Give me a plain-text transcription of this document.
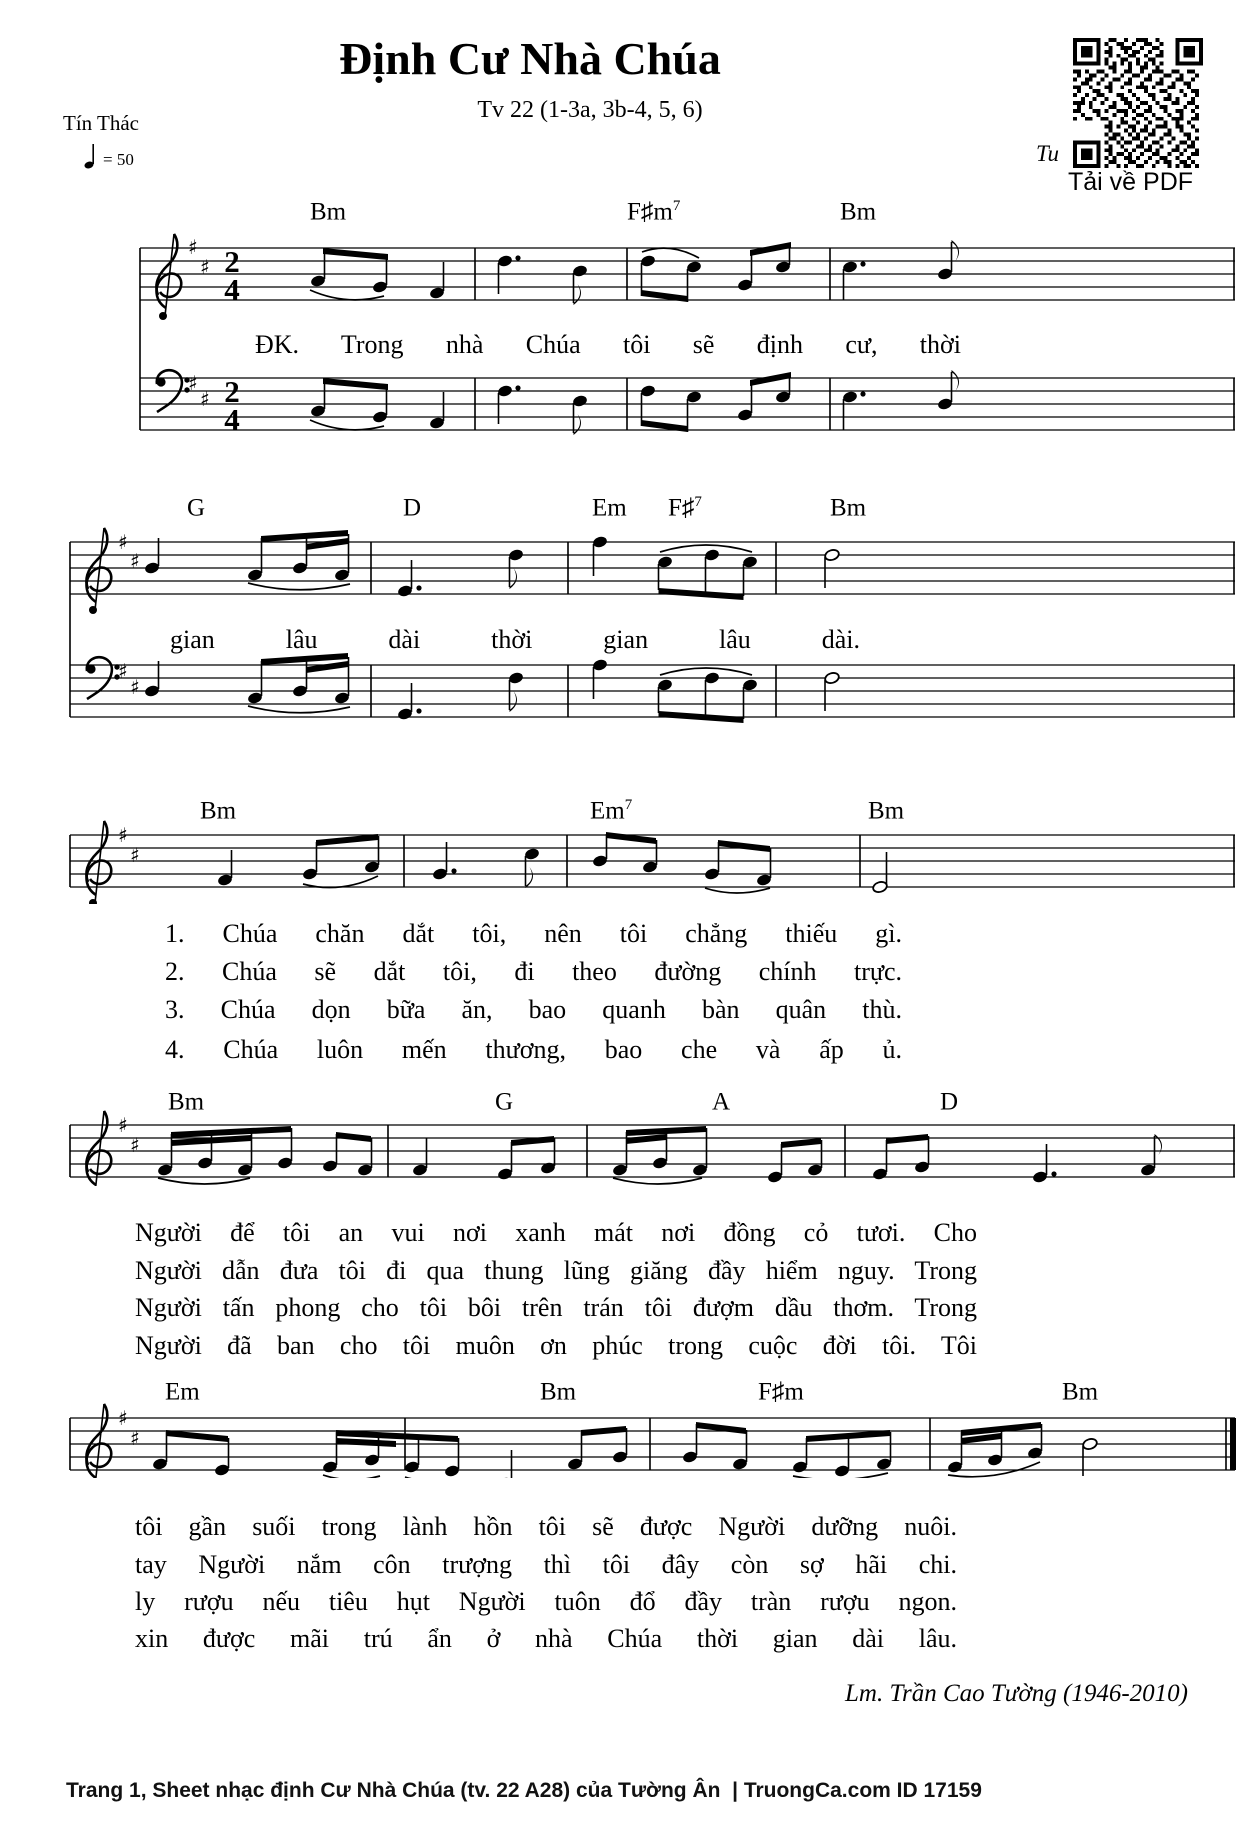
Định Cư Nhà Chúa
Tv 22 (1-3a, 3b-4, 5, 6)
Tín Thác
= 50	Tu
Tải về PDF
Bm	$F♯m^7$	Bm
G	D	Em F♯$^7$	Bm
Bm	Em$^7$	Bm
Bm	G	A	D
Em	Bm	F♯m	Bm
♯
♯
♯
♯
2
4
2
4
ĐK. Trong nhà Chúa tôi sẽ định cư, thời
♯
♯
♯
♯
gian lâu dài thời gian lâu dài.
♯
♯
1. Chúa chăn dắt tôi, nên tôi chẳng thiếu gì.
2. Chúa sẽ dắt tôi, đi theo đường chính trực.
3. Chúa dọn bữa ăn, bao quanh bàn quân thù.
4. Chúa luôn mến thương, bao che và ấp ủ.
♯
♯
Người để tôi an vui nơi xanh mát nơi đồng cỏ tươi. Cho
Người dẫn đưa tôi đi qua thung lũng giăng đầy hiểm nguy. Trong
Người tấn phong cho tôi bôi trên trán tôi đượm dầu thơm. Trong
Người đã ban cho tôi muôn ơn phúc trong cuộc đời tôi. Tôi
♯
♯
tôi gần suối trong lành hồn tôi sẽ được Người dưỡng nuôi.
tay Người nắm côn trượng thì tôi đây còn sợ hãi chi.
ly rượu nếu tiêu hụt Người tuôn đổ đầy tràn rượu ngon.
xin được mãi trú ẩn ở nhà Chúa thời gian dài lâu.
Lm. Trần Cao Tường (1946-2010)
Trang 1, Sheet nhạc định Cư Nhà Chúa (tv. 22 A28) của Tường Ân  | TruongCa.com ID 17159
